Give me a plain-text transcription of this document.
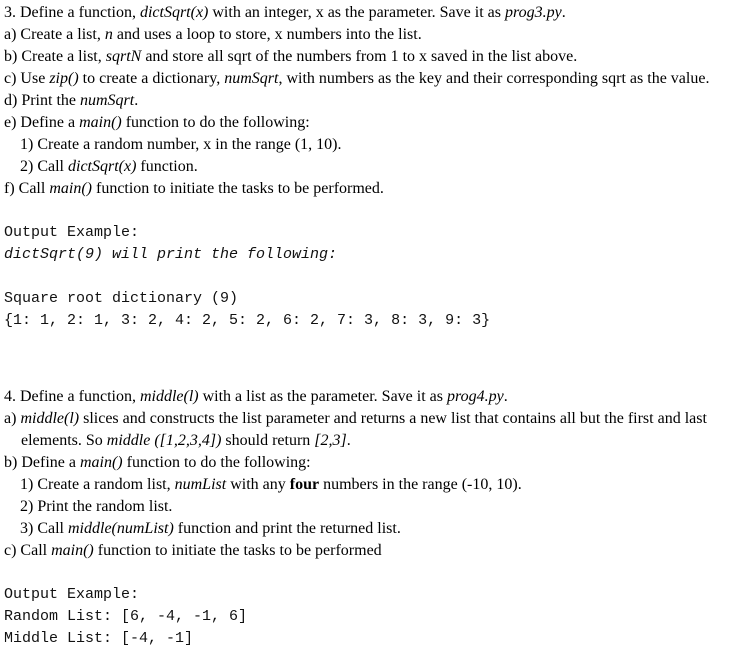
3. Define a function, dictSqrt(x) with an integer, x as the parameter. Save it as prog3.py.
a) Create a list, n and uses a loop to store, x numbers into the list.
b) Create a list, sqrtN and store all sqrt of the numbers from 1 to x saved in the list above.
c) Use zip() to create a dictionary, numSqrt, with numbers as the key and their corresponding sqrt as the value.
d) Print the numSqrt.
e) Define a main() function to do the following:
1) Create a random number, x in the range (1, 10).
2) Call dictSqrt(x) function.
f) Call main() function to initiate the tasks to be performed.
Output Example:
dictSqrt(9) will print the following:
Square root dictionary (9)
{1: 1, 2: 1, 3: 2, 4: 2, 5: 2, 6: 2, 7: 3, 8: 3, 9: 3}
4. Define a function, middle(l) with a list as the parameter. Save it as prog4.py.
a) middle(l) slices and constructs the list parameter and returns a new list that contains all but the first and last
elements. So middle ([1,2,3,4]) should return [2,3].
b) Define a main() function to do the following:
1) Create a random list, numList with any four numbers in the range (-10, 10).
2) Print the random list.
3) Call middle(numList) function and print the returned list.
c) Call main() function to initiate the tasks to be performed
Output Example:
Random List: [6, -4, -1, 6]
Middle List: [-4, -1]
